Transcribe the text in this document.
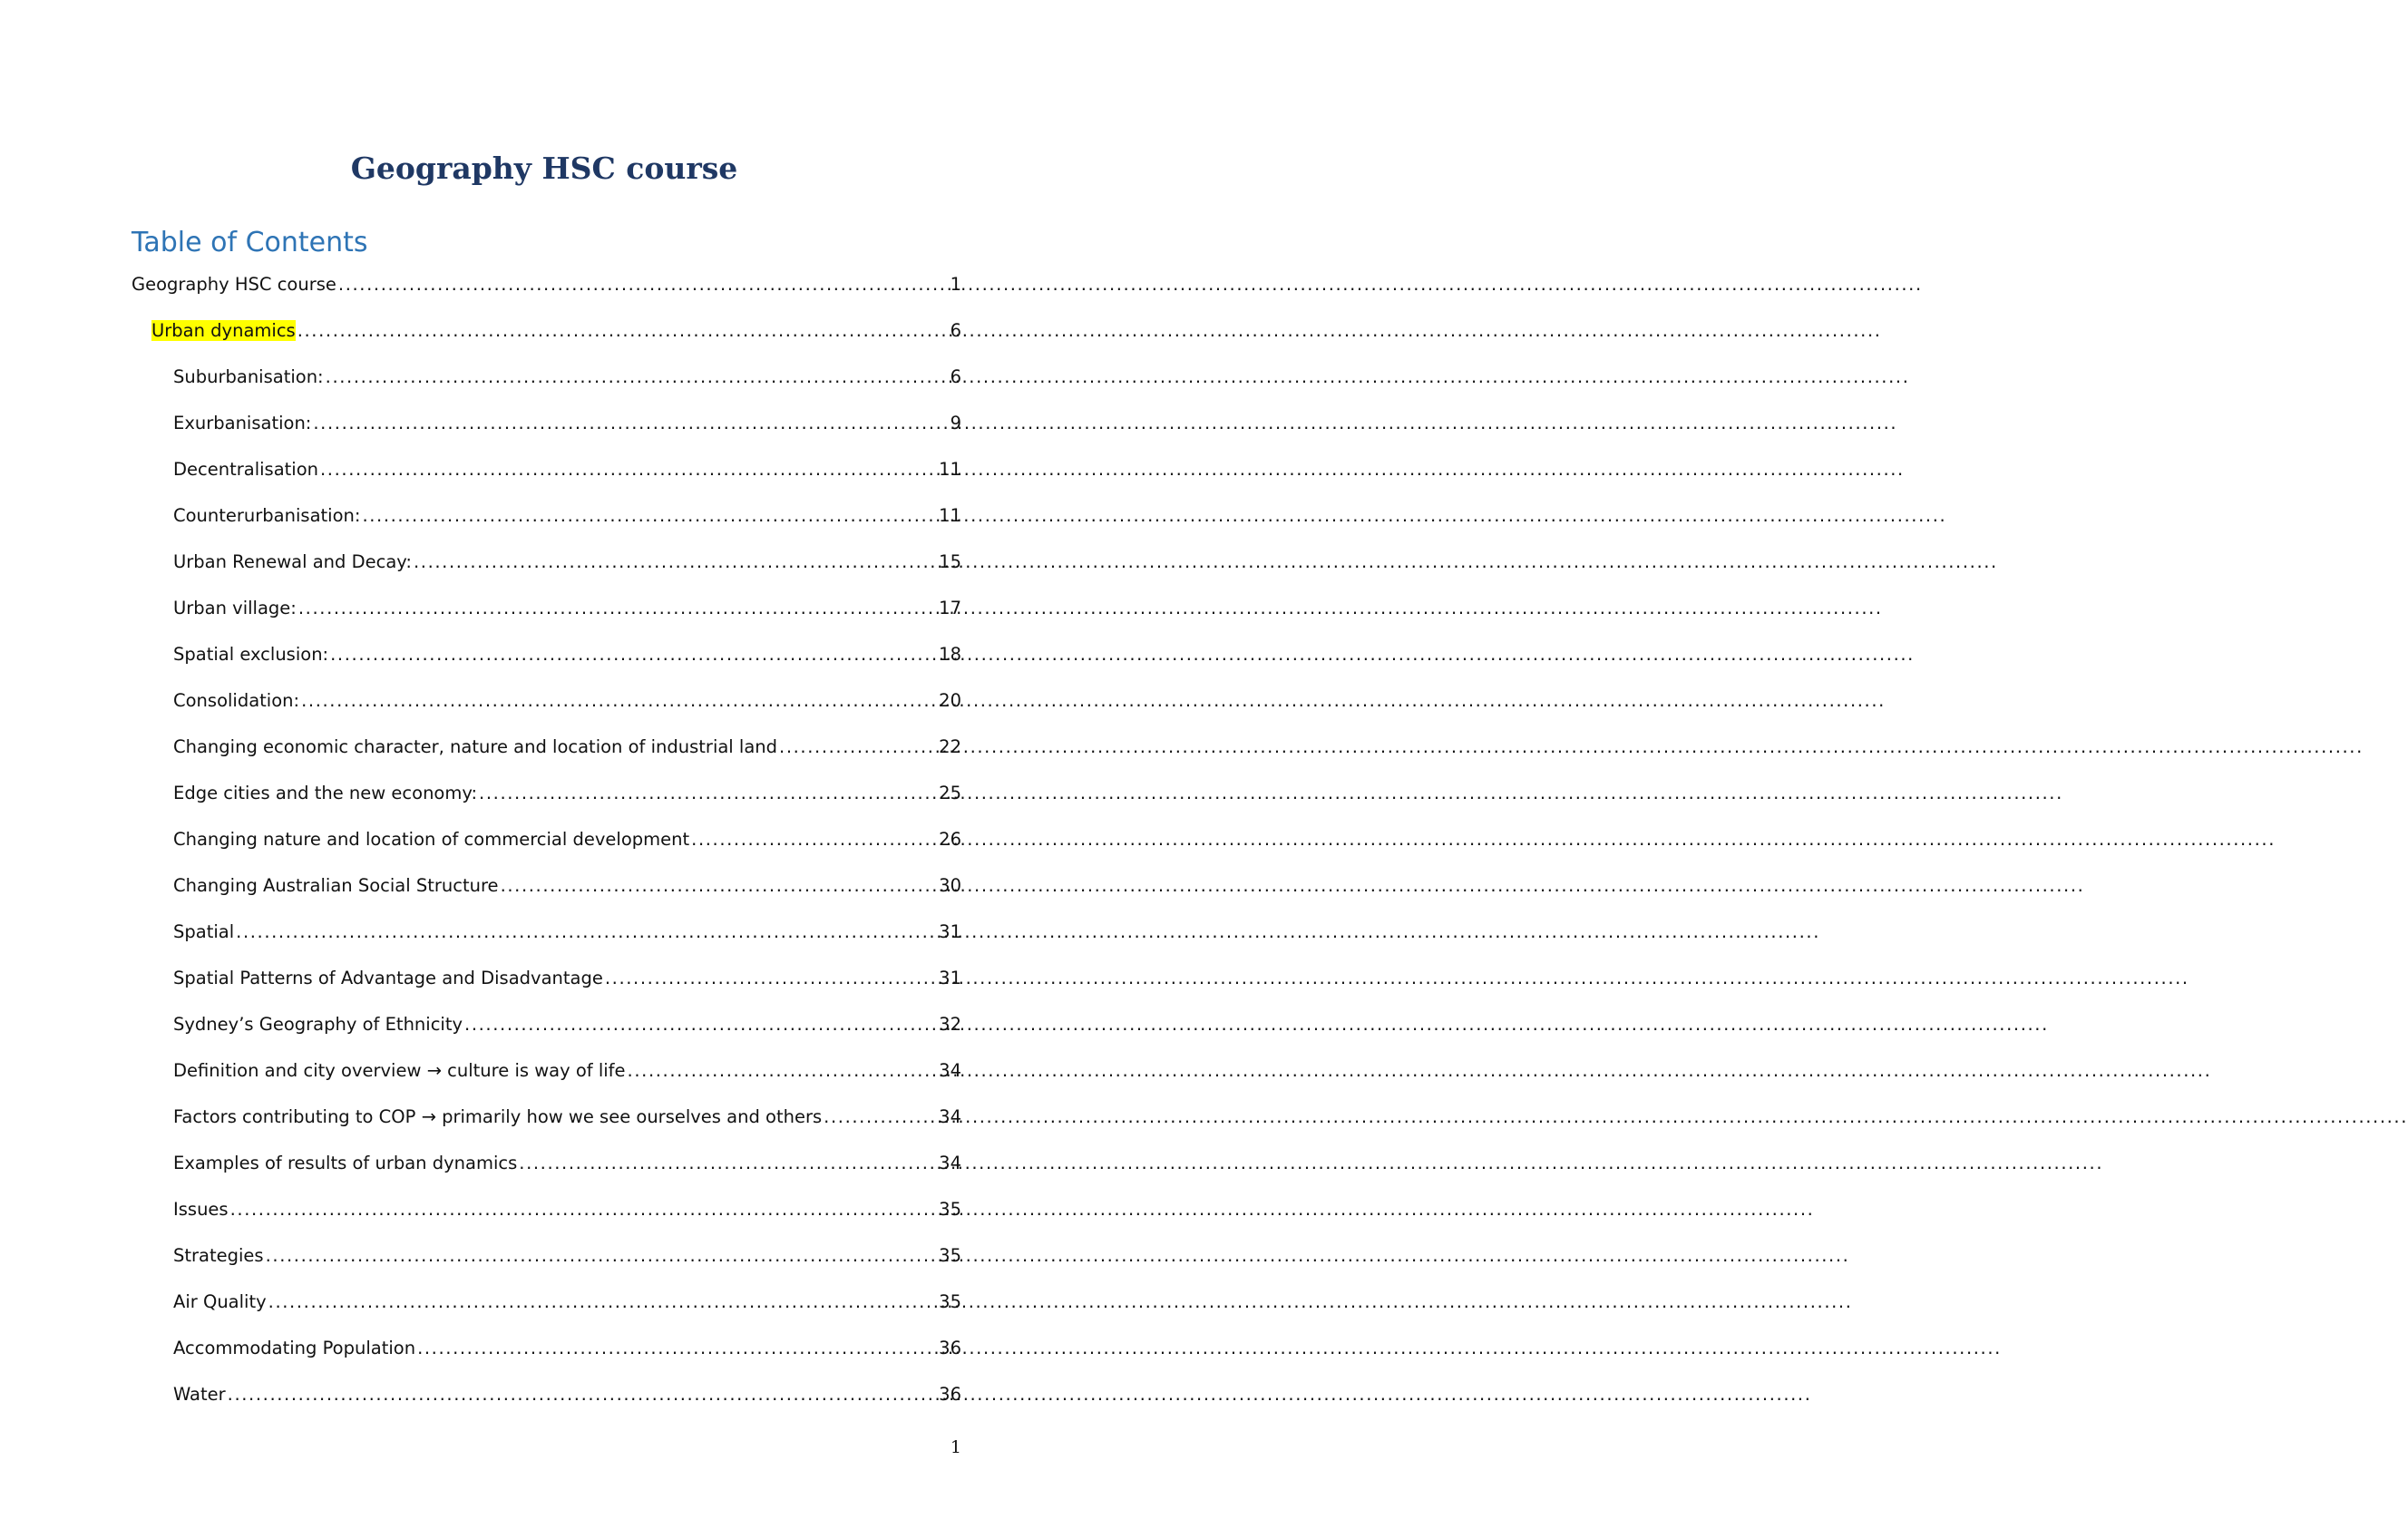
Geography HSC course
Table of Contents
Geography HSC course .....	1
Urban dynamics .....	6
Suburbanisation: .....	6
Exurbanisation: .....	9
Decentralisation .....	11
Counterurbanisation: .....	11
Urban Renewal and Decay: .....	15
Urban village: .....	17
Spatial exclusion: .....	18
Consolidation: .....	20
Changing economic character, nature and location of industrial land .....	22
Edge cities and the new economy: .....	25
Changing nature and location of commercial development .....	26
Changing Australian Social Structure .....	30
Spatial .....	31
Spatial Patterns of Advantage and Disadvantage .....	31
Sydney’s Geography of Ethnicity .....	32
Definition and city overview → culture is way of life .....	34
Factors contributing to COP → primarily how we see ourselves and others .....	34
Examples of results of urban dynamics .....	34
Issues .....	35
Strategies .....	35
Air Quality .....	35
Accommodating Population .....	36
Water .....	36
1
